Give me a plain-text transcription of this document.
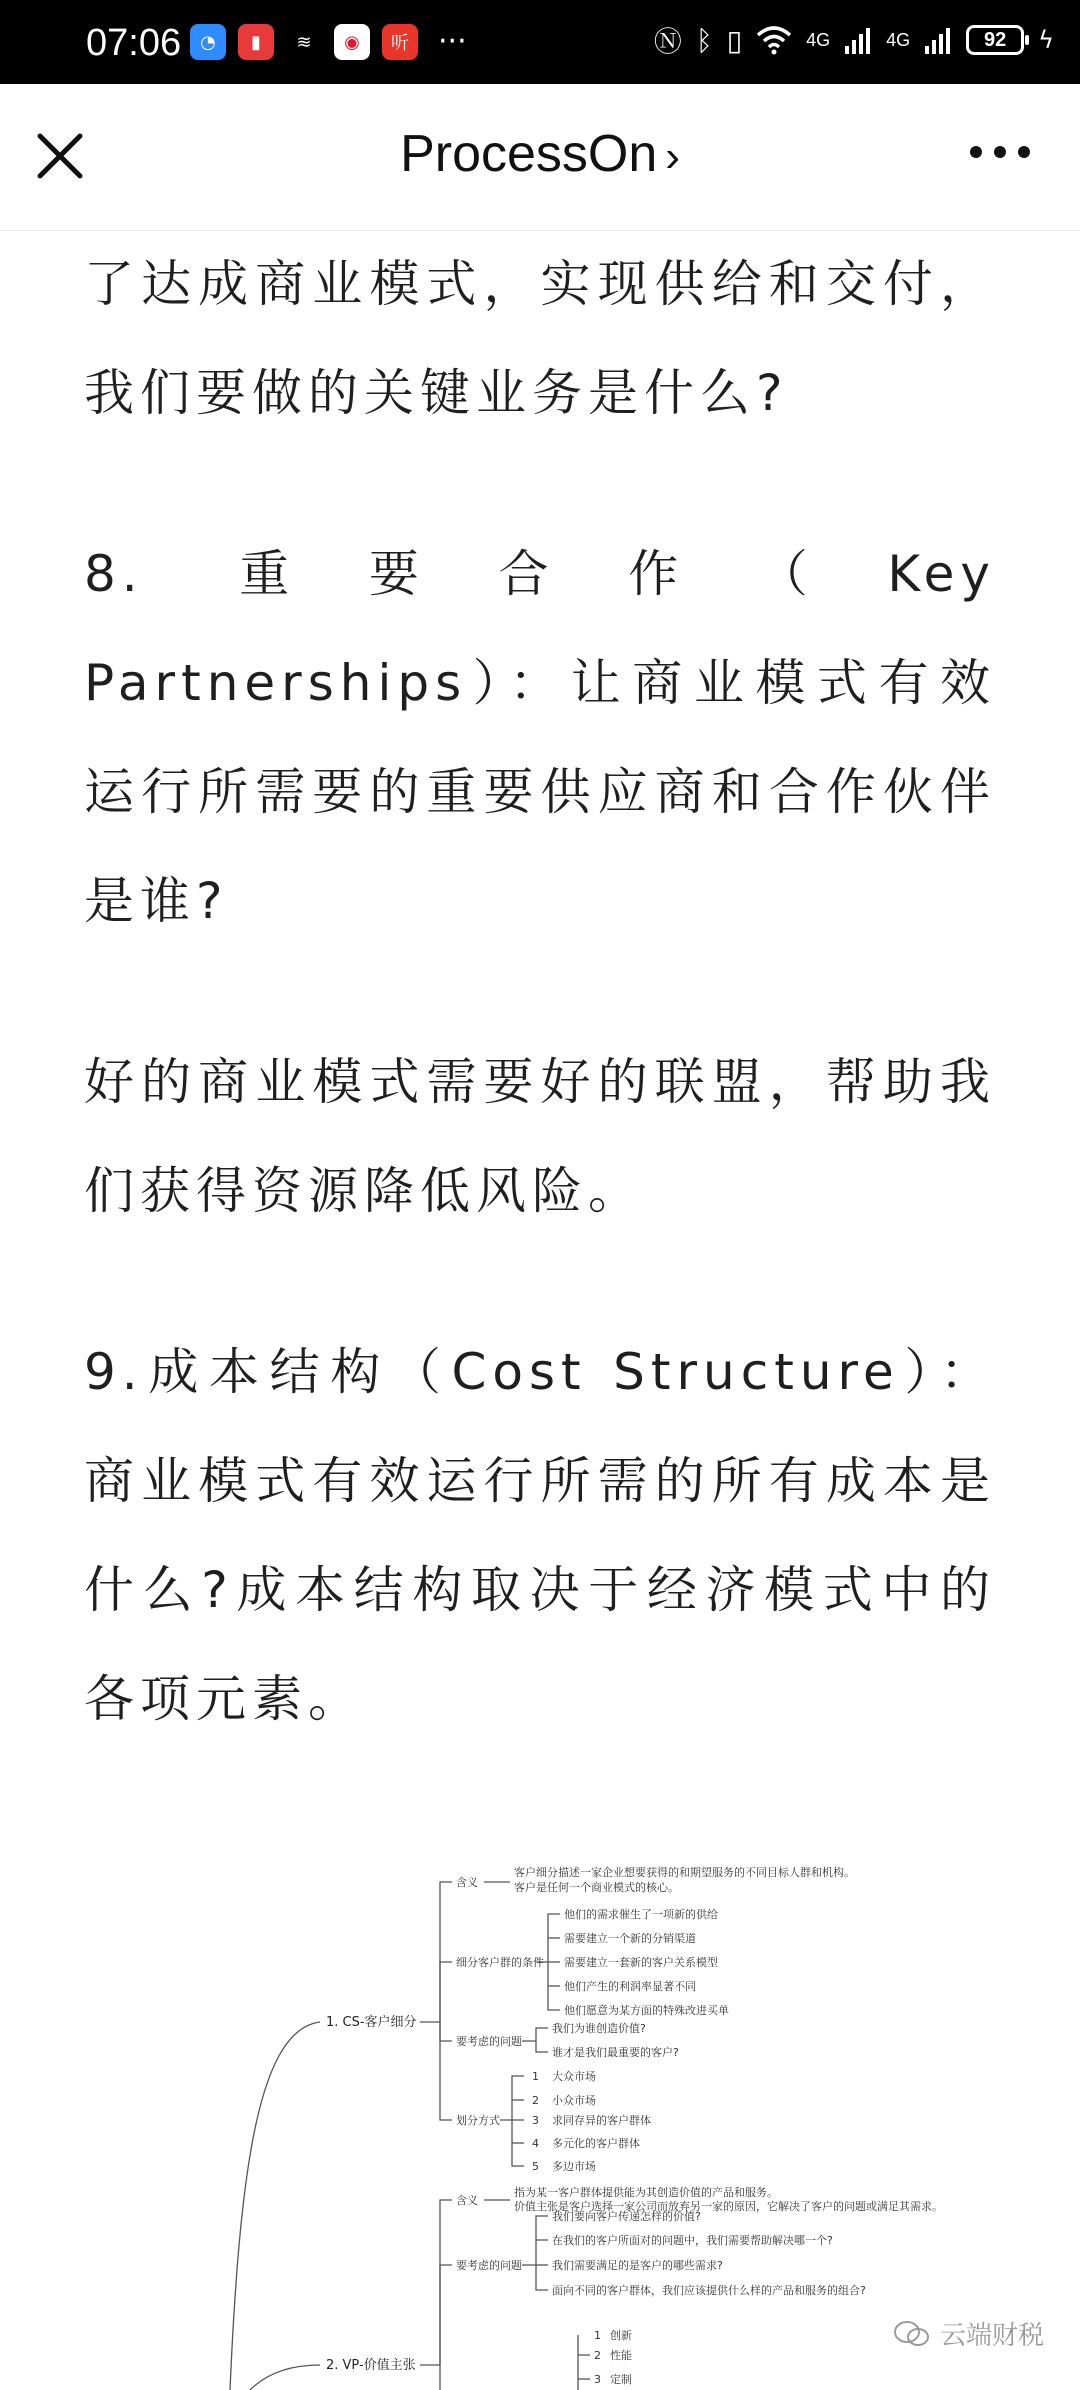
07:06 ◔ ▮ ≋ ◉ 听 ···	Ⓝ ᛒ ▯	4G	4G	92 ϟ
ProcessOn ›

了达成商业模式，实现供给和交付，我们要做的关键业务是什么?

8. 重要合作（Key Partnerships）：让商业模式有效运行所需要的重要供应商和合作伙伴是谁?

好的商业模式需要好的联盟，帮助我们获得资源降低风险。

9.成本结构（Cost Structure）：商业模式有效运行所需的所有成本是什么?成本结构取决于经济模式中的各项元素。

1. CS-客户细分
2. VP-价值主张
含义
客户细分描述一家企业想要获得的和期望服务的不同目标人群和机构。
客户是任何一个商业模式的核心。
细分客户群的条件
他们的需求催生了一项新的供给
需要建立一个新的分销渠道
需要建立一套新的客户关系模型
他们产生的利润率显著不同
他们愿意为某方面的特殊改进买单
要考虑的问题
我们为谁创造价值?
谁才是我们最重要的客户?
划分方式
1 大众市场
2 小众市场
3 求同存异的客户群体
4 多元化的客户群体
5 多边市场
含义
指为某一客户群体提供能为其创造价值的产品和服务。
价值主张是客户选择一家公司而放弃另一家的原因，它解决了客户的问题或满足其需求。
要考虑的问题
我们要向客户传递怎样的价值?
在我们的客户所面对的问题中，我们需要帮助解决哪一个?
我们需要满足的是客户的哪些需求?
面向不同的客户群体，我们应该提供什么样的产品和服务的组合?
1 创新
2 性能
3 定制
云端财税
